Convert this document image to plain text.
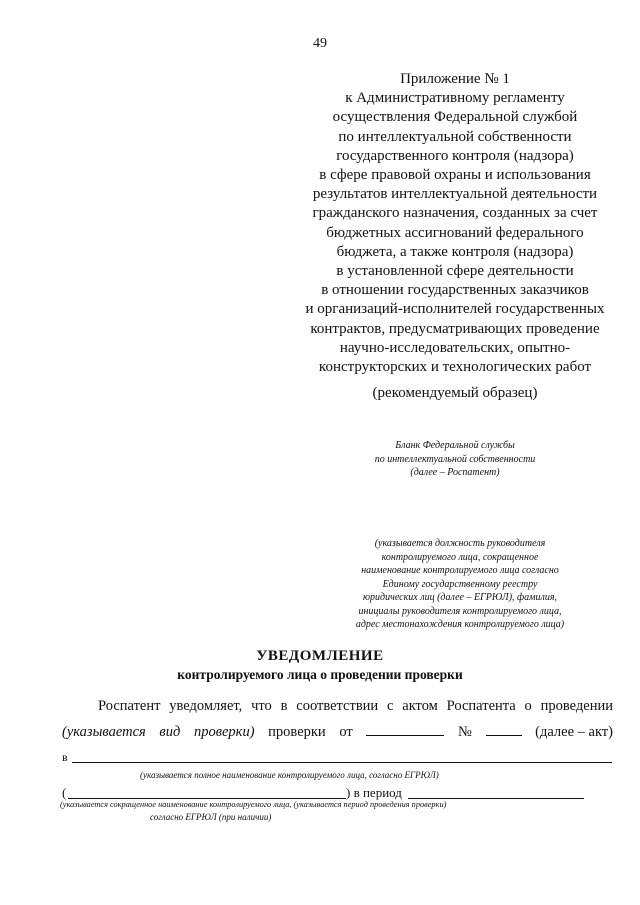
49
Приложение № 1
к Административному регламенту
осуществления Федеральной службой
по интеллектуальной собственности
государственного контроля (надзора)
в сфере правовой охраны и использования
результатов интеллектуальной деятельности
гражданского назначения, созданных за счет
бюджетных ассигнований федерального
бюджета, а также контроля (надзора)
в установленной сфере деятельности
в отношении государственных заказчиков
и организаций-исполнителей государственных
контрактов, предусматривающих проведение
научно-исследовательских, опытно-
конструкторских и технологических работ
(рекомендуемый образец)
Бланк Федеральной службы
по интеллектуальной собственности
(далее – Роспатент)
(указывается должность руководителя
контролируемого лица, сокращенное
наименование контролируемого лица согласно
Единому государственному реестру
юридических лиц (далее – ЕГРЮЛ), фамилия,
инициалы руководителя контролируемого лица,
адрес местонахождения контролируемого лица)
УВЕДОМЛЕНИЕ
контролируемого лица о проведении проверки
Роспатент уведомляет, что в соответствии с актом Роспатента о проведении
(указывается вид проверки) проверки от	№	(далее – акт)
в
(указывается полное наименование контролируемого лица, согласно ЕГРЮЛ)
(	) в период
(указывается сокращенное наименование контролируемого лица, (указывается период проведения проверки)
согласно ЕГРЮЛ (при наличии)
